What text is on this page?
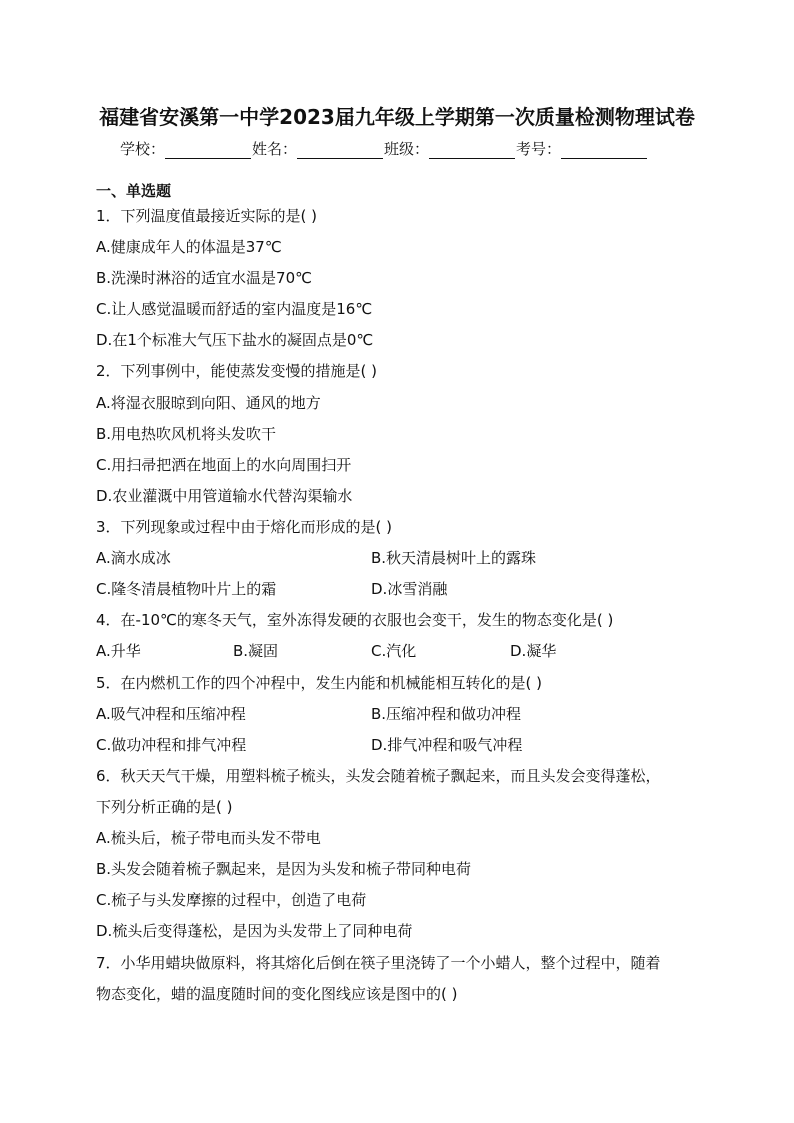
福建省安溪第一中学2023届九年级上学期第一次质量检测物理试卷
学校：	姓名：	班级：	考号：
一、单选题
1．下列温度值最接近实际的是( )
A.健康成年人的体温是37℃
B.洗澡时淋浴的适宜水温是70℃
C.让人感觉温暖而舒适的室内温度是16℃
D.在1个标准大气压下盐水的凝固点是0℃
2．下列事例中，能使蒸发变慢的措施是( )
A.将湿衣服晾到向阳、通风的地方
B.用电热吹风机将头发吹干
C.用扫帚把洒在地面上的水向周围扫开
D.农业灌溉中用管道输水代替沟渠输水
3．下列现象或过程中由于熔化而形成的是( )
A.滴水成冰	B.秋天清晨树叶上的露珠
C.隆冬清晨植物叶片上的霜	D.冰雪消融
4．在-10℃的寒冬天气，室外冻得发硬的衣服也会变干，发生的物态变化是( )
A.升华	B.凝固	C.汽化	D.凝华
5．在内燃机工作的四个冲程中，发生内能和机械能相互转化的是( )
A.吸气冲程和压缩冲程	B.压缩冲程和做功冲程
C.做功冲程和排气冲程	D.排气冲程和吸气冲程
6．秋天天气干燥，用塑料梳子梳头，头发会随着梳子飘起来，而且头发会变得蓬松，
下列分析正确的是( )
A.梳头后，梳子带电而头发不带电
B.头发会随着梳子飘起来，是因为头发和梳子带同种电荷
C.梳子与头发摩擦的过程中，创造了电荷
D.梳头后变得蓬松，是因为头发带上了同种电荷
7．小华用蜡块做原料，将其熔化后倒在筷子里浇铸了一个小蜡人，整个过程中，随着
物态变化，蜡的温度随时间的变化图线应该是图中的( )
